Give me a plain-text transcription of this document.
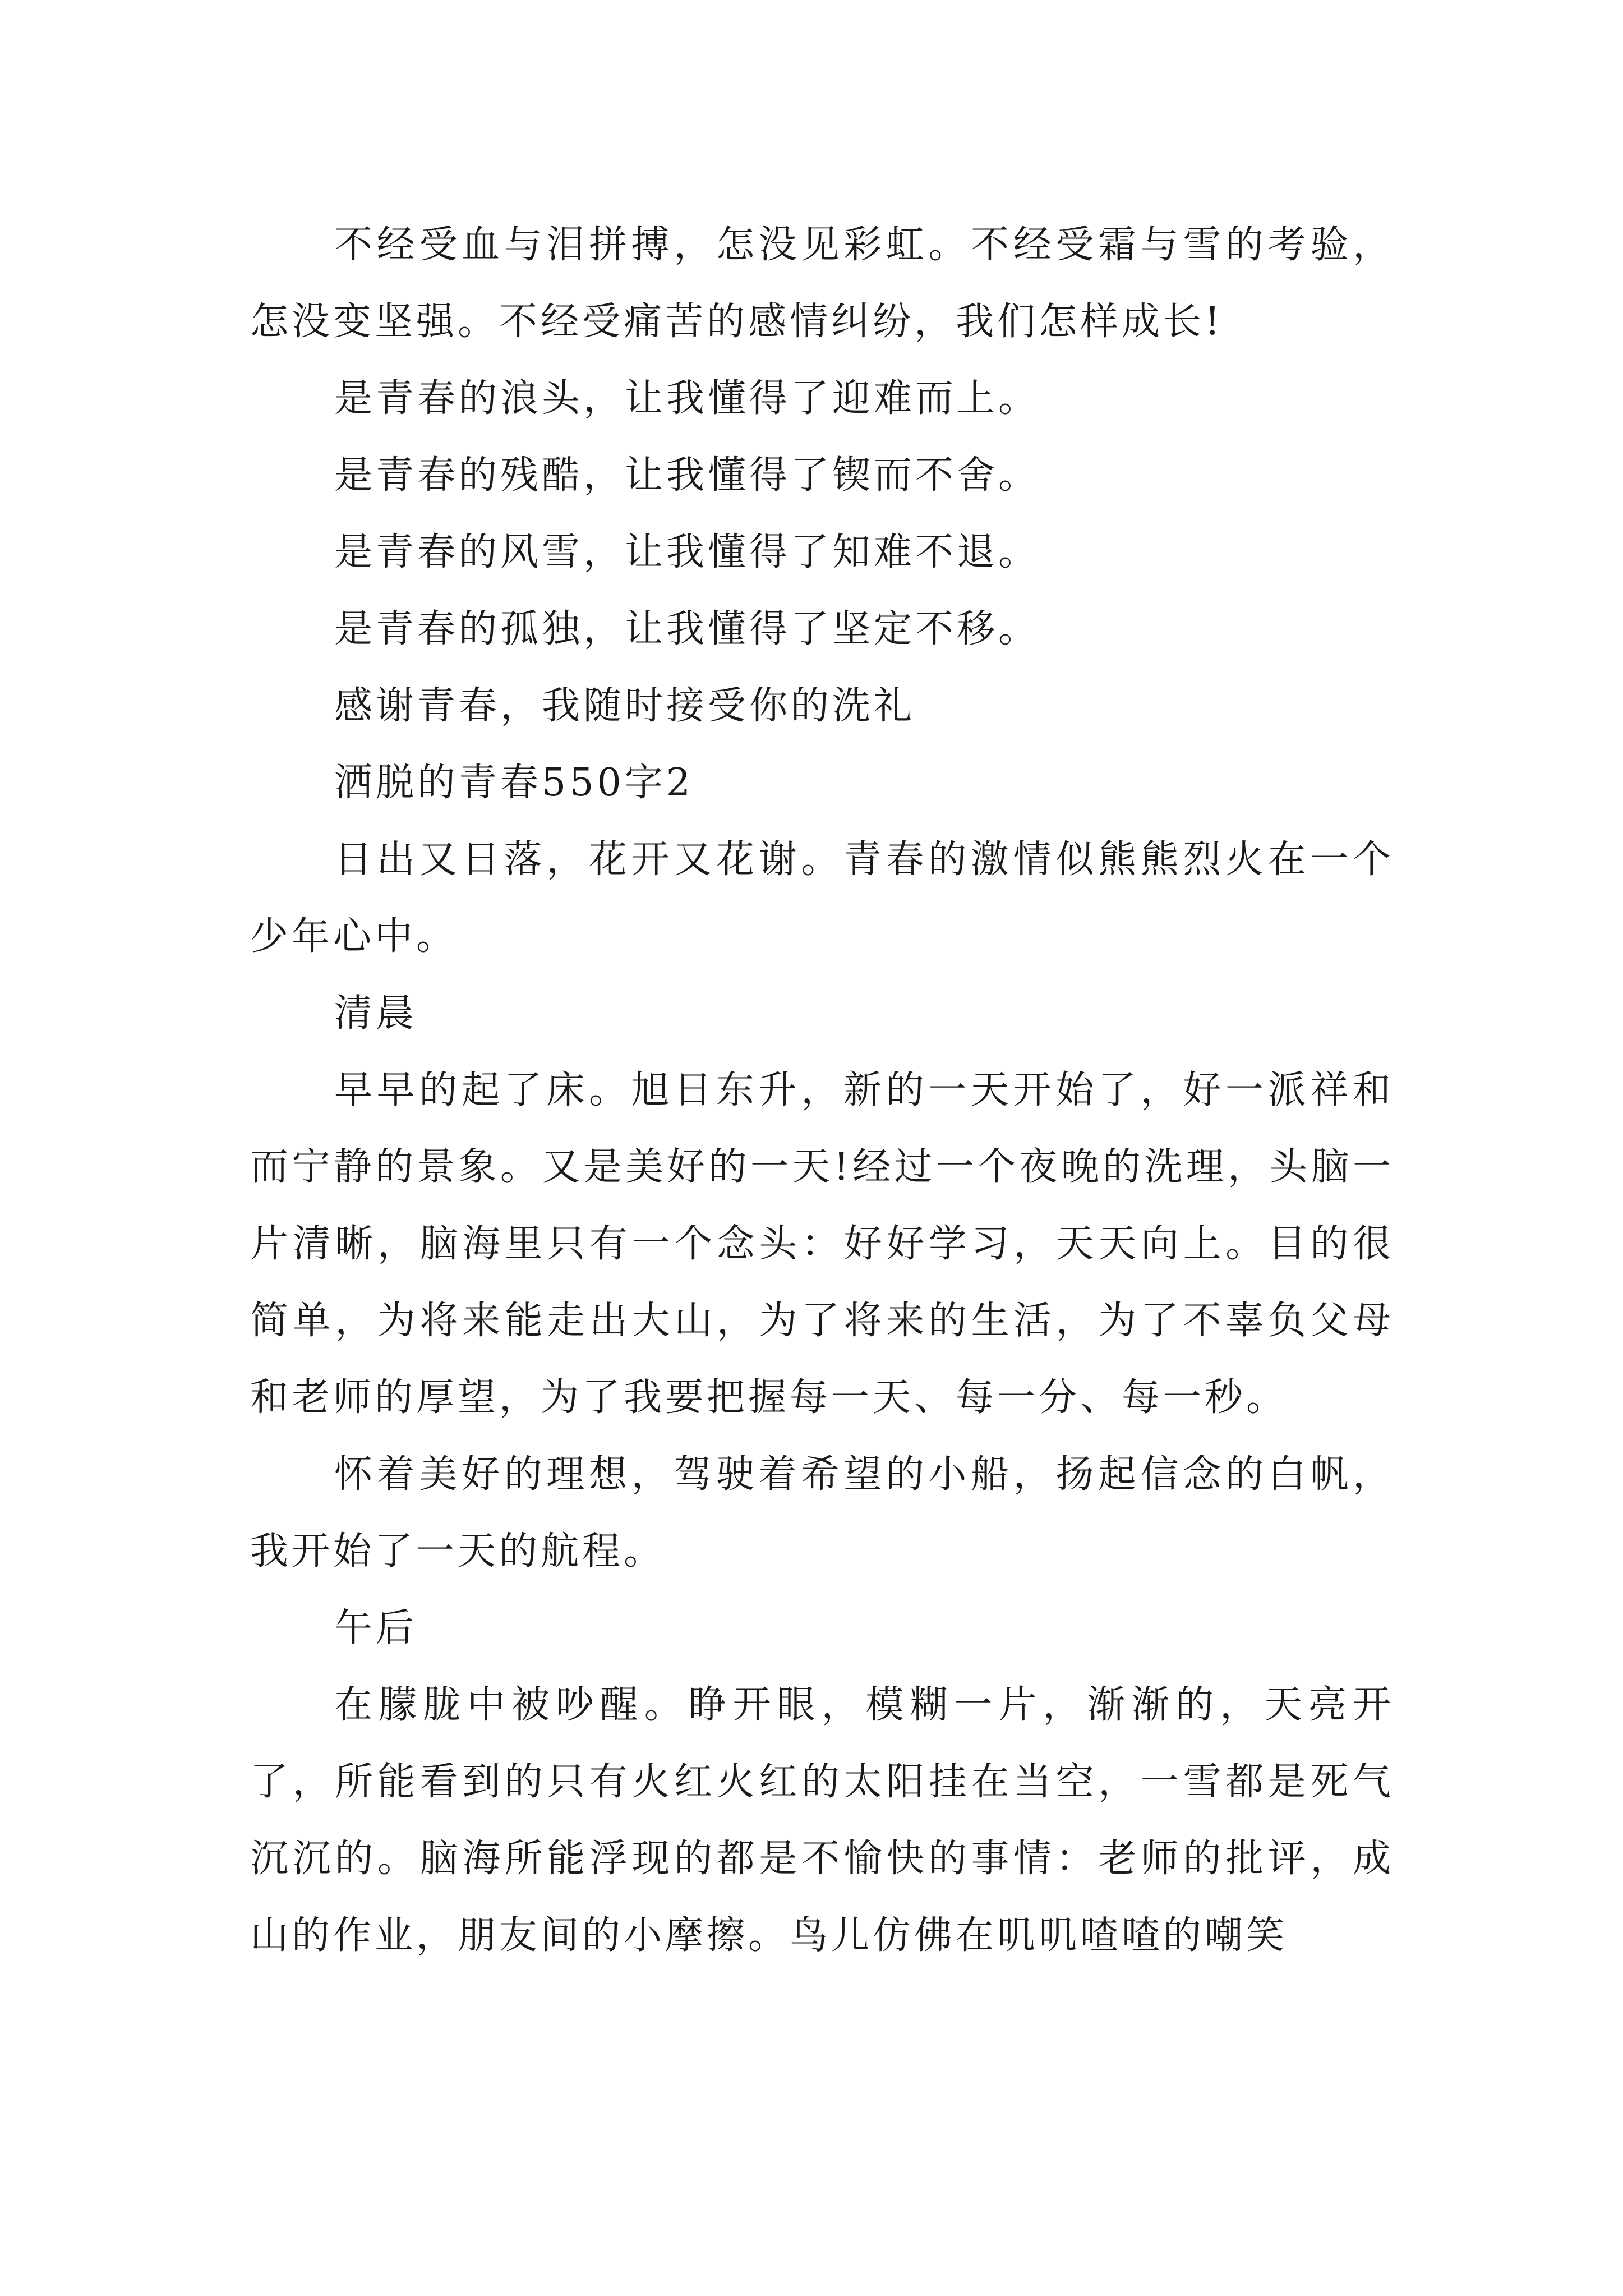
不经受血与泪拼搏，怎没见彩虹。不经受霜与雪的考验，怎没变坚强。不经受痛苦的感情纠纷，我们怎样成长!

是青春的浪头，让我懂得了迎难而上。

是青春的残酷，让我懂得了锲而不舍。

是青春的风雪，让我懂得了知难不退。

是青春的孤独，让我懂得了坚定不移。

感谢青春，我随时接受你的洗礼

洒脱的青春550字2

日出又日落，花开又花谢。青春的激情似熊熊烈火在一个少年心中。

清晨

早早的起了床。旭日东升，新的一天开始了，好一派祥和而宁静的景象。又是美好的一天!经过一个夜晚的洗理，头脑一片清晰，脑海里只有一个念头：好好学习，天天向上。目的很简单，为将来能走出大山，为了将来的生活，为了不辜负父母和老师的厚望，为了我要把握每一天、每一分、每一秒。

怀着美好的理想，驾驶着希望的小船，扬起信念的白帆，我开始了一天的航程。

午后

在朦胧中被吵醒。睁开眼，模糊一片，渐渐的，天亮开了，所能看到的只有火红火红的太阳挂在当空，一雪都是死气沉沉的。脑海所能浮现的都是不愉快的事情：老师的批评，成山的作业，朋友间的小摩擦。鸟儿仿佛在叽叽喳喳的嘲笑
